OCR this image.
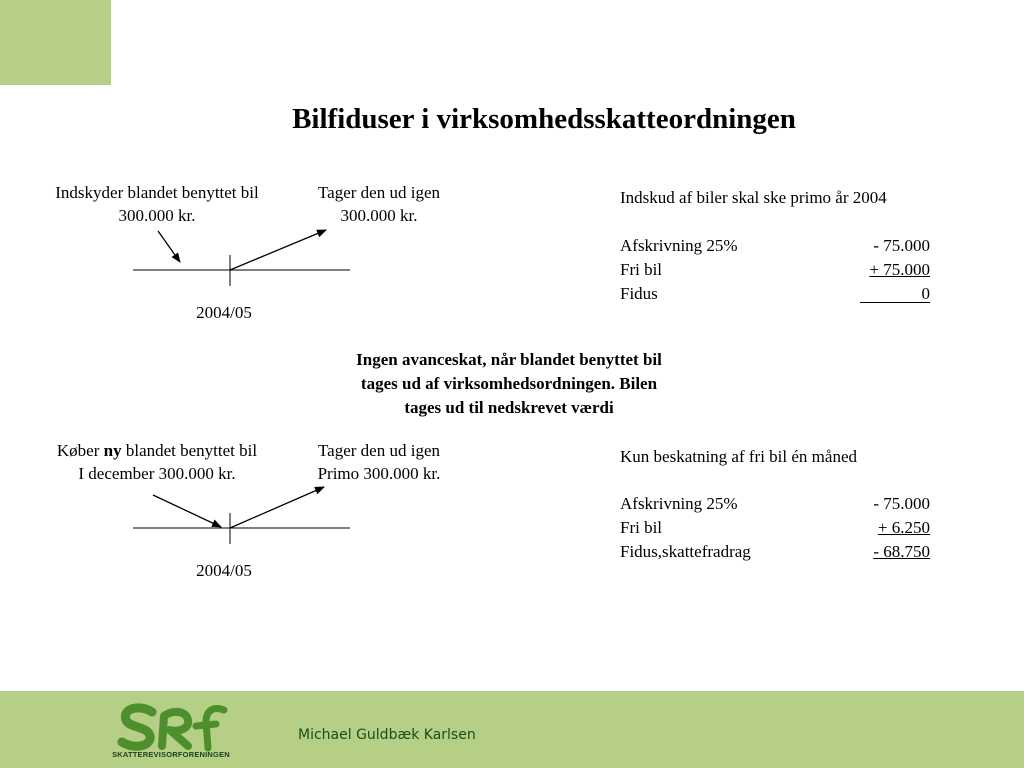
Bilfiduser i virksomhedsskatteordningen
Indskyder blandet benyttet bil
300.000 kr.
Tager den ud igen
300.000 kr.
2004/05
Køber ny blandet benyttet bil
I december 300.000 kr.
Tager den ud igen
Primo 300.000 kr.
2004/05
Indskud af biler skal ske primo år 2004
Afskrivning 25%	- 75.000
Fri bil	+ 75.000
Fidus	0
Ingen avanceskat, når blandet benyttet bil
tages ud af virksomhedsordningen. Bilen
tages ud til nedskrevet værdi
Kun beskatning af fri bil én måned
Afskrivning 25%	- 75.000
Fri bil	+ 6.250
Fidus,skattefradrag	- 68.750
SKATTEREVISORFORENINGEN
Michael Guldbæk Karlsen
